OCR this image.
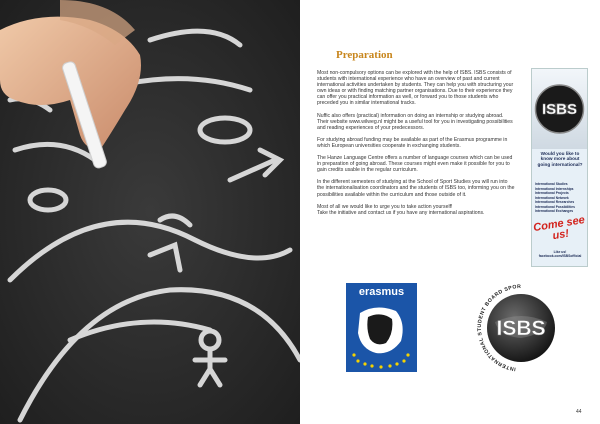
Preparation

Most non-compulsory options can be explored with the help of ISBS. ISBS consists of students with international experience who have an overview of past and current international activities undertaken by students. They can help you with structuring your own ideas or with finding matching partner organisations. Due to their experience they can offer you practical information as well, or forward you to those students who preceded you in similar international tracks.

Nuffic also offers (practical) information on doing an internship or studying abroad. Their website www.wilweg.nl might be a useful tool for you in investigating possibilities and reading experiences of your predecessors.

For studying abroad funding may be available as part of the Erasmus programme in which European universities cooperate in exchanging students.

The Hanze Language Centre offers a number of language courses which can be used in preparation of going abroad. These courses might even make it possible for you to gain credits usable in the regular curriculum.

In the different semesters of studying at the School of Sport Studies you will run into the internationalisation coordinators and the students of ISBS too, informing you on the possibilities available within the curriculum and those outside of it.

Most of all we would like to urge you to take action yourself!
Take the initiative and contact us if you have any international aspirations.

ISBS
Would you like to know more about going international?
International Studies
International Internships
International Projects
International Network
International Researches
International Possibilities
International Exchanges
Come see us!
Like us! facebook.com/ISBSofficial
erasmus
ISBS
INTERNATIONAL STUDENT BOARD SPOR
44
